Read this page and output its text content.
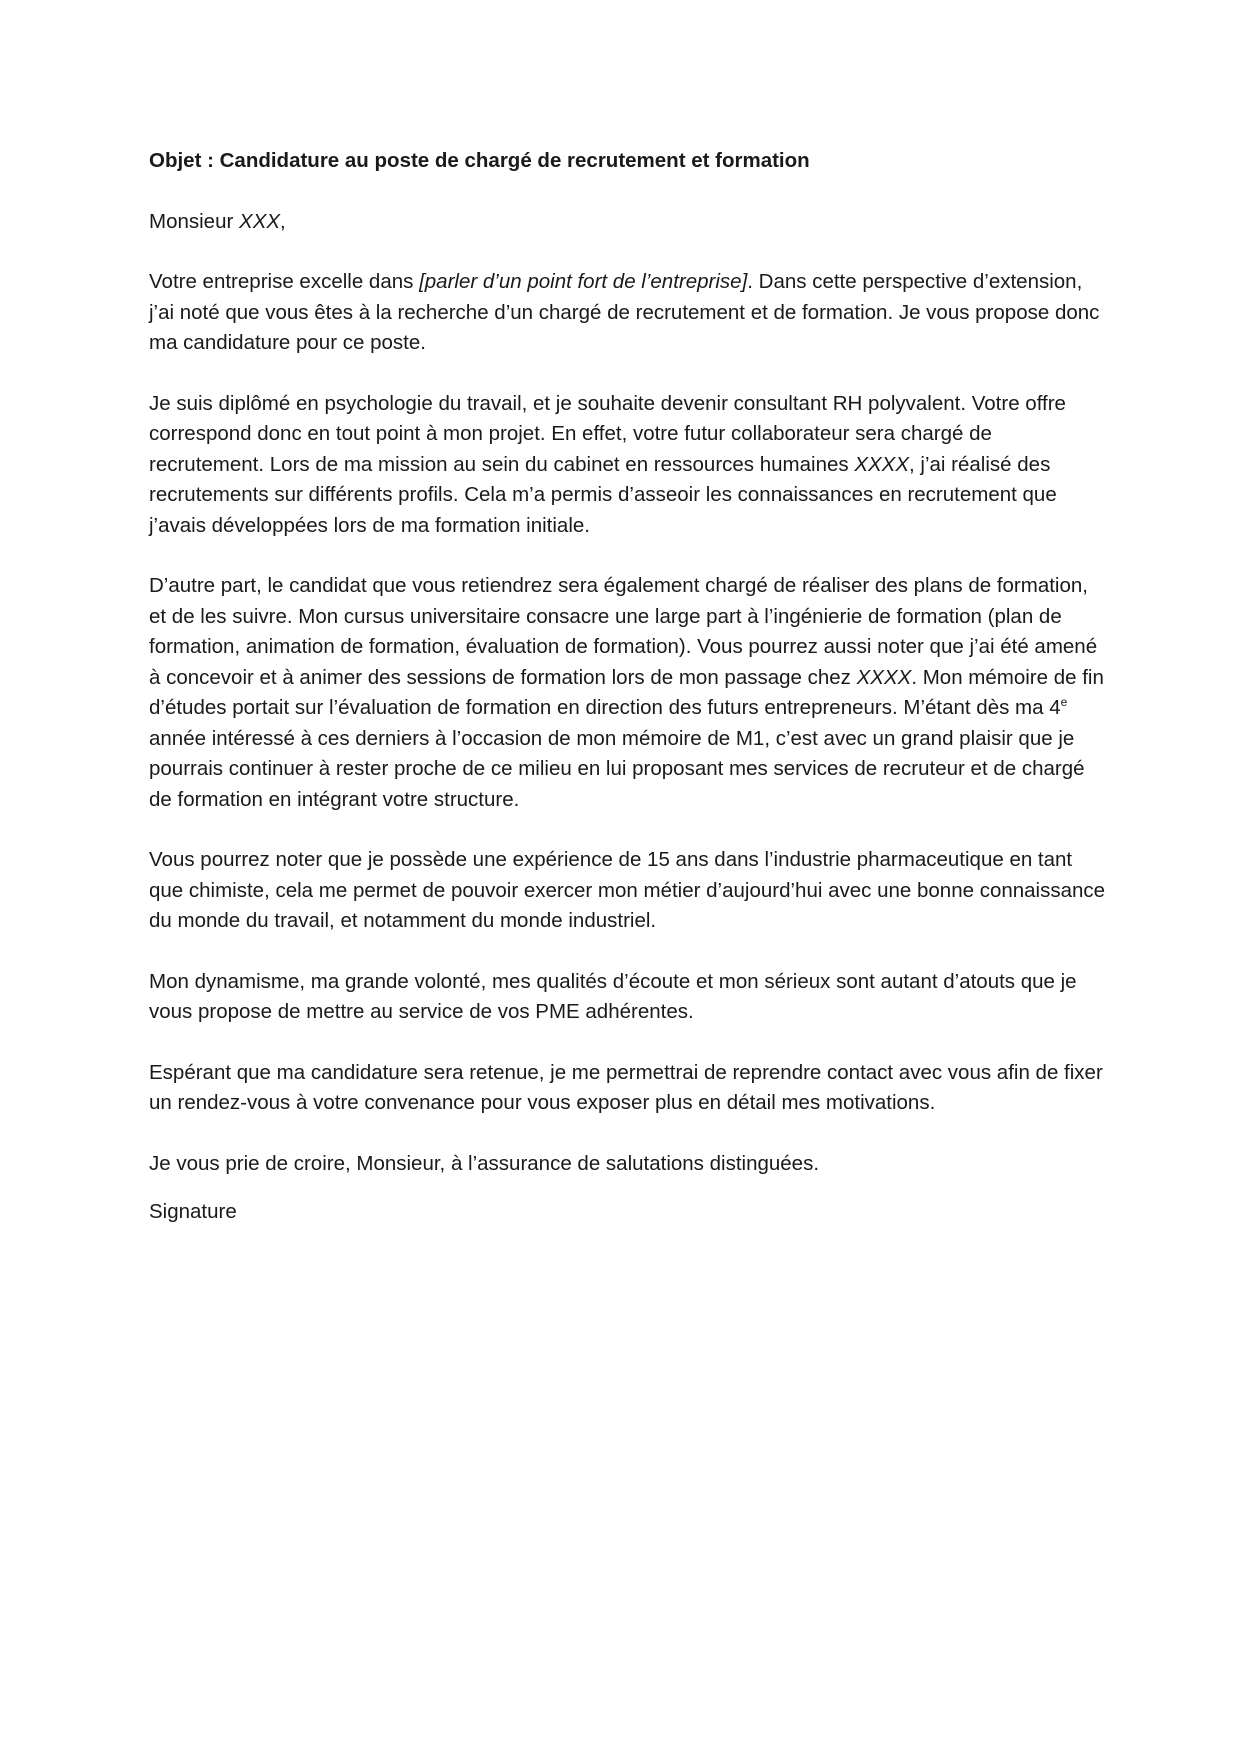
Objet : Candidature au poste de chargé de recrutement et formation

Monsieur XXX,

Votre entreprise excelle dans [parler d’un point fort de l’entreprise]. Dans cette perspective d’extension, j’ai noté que vous êtes à la recherche d’un chargé de recrutement et de formation. Je vous propose donc ma candidature pour ce poste.

Je suis diplômé en psychologie du travail, et je souhaite devenir consultant RH polyvalent. Votre offre correspond donc en tout point à mon projet. En effet, votre futur collaborateur sera chargé de recrutement. Lors de ma mission au sein du cabinet en ressources humaines XXXX, j’ai réalisé des recrutements sur différents profils. Cela m’a permis d’asseoir les connaissances en recrutement que j’avais développées lors de ma formation initiale.

D’autre part, le candidat que vous retiendrez sera également chargé de réaliser des plans de formation, et de les suivre. Mon cursus universitaire consacre une large part à l’ingénierie de formation (plan de formation, animation de formation, évaluation de formation). Vous pourrez aussi noter que j’ai été amené à concevoir et à animer des sessions de formation lors de mon passage chez XXXX. Mon mémoire de fin d’études portait sur l’évaluation de formation en direction des futurs entrepreneurs. M’étant dès ma 4e année intéressé à ces derniers à l’occasion de mon mémoire de M1, c’est avec un grand plaisir que je pourrais continuer à rester proche de ce milieu en lui proposant mes services de recruteur et de chargé de formation en intégrant votre structure.

Vous pourrez noter que je possède une expérience de 15 ans dans l’industrie pharmaceutique en tant que chimiste, cela me permet de pouvoir exercer mon métier d’aujourd’hui avec une bonne connaissance du monde du travail, et notamment du monde industriel.

Mon dynamisme, ma grande volonté, mes qualités d’écoute et mon sérieux sont autant d’atouts que je vous propose de mettre au service de vos PME adhérentes.

Espérant que ma candidature sera retenue, je me permettrai de reprendre contact avec vous afin de fixer un rendez-vous à votre convenance pour vous exposer plus en détail mes motivations.

Je vous prie de croire, Monsieur, à l’assurance de salutations distinguées.

Signature
